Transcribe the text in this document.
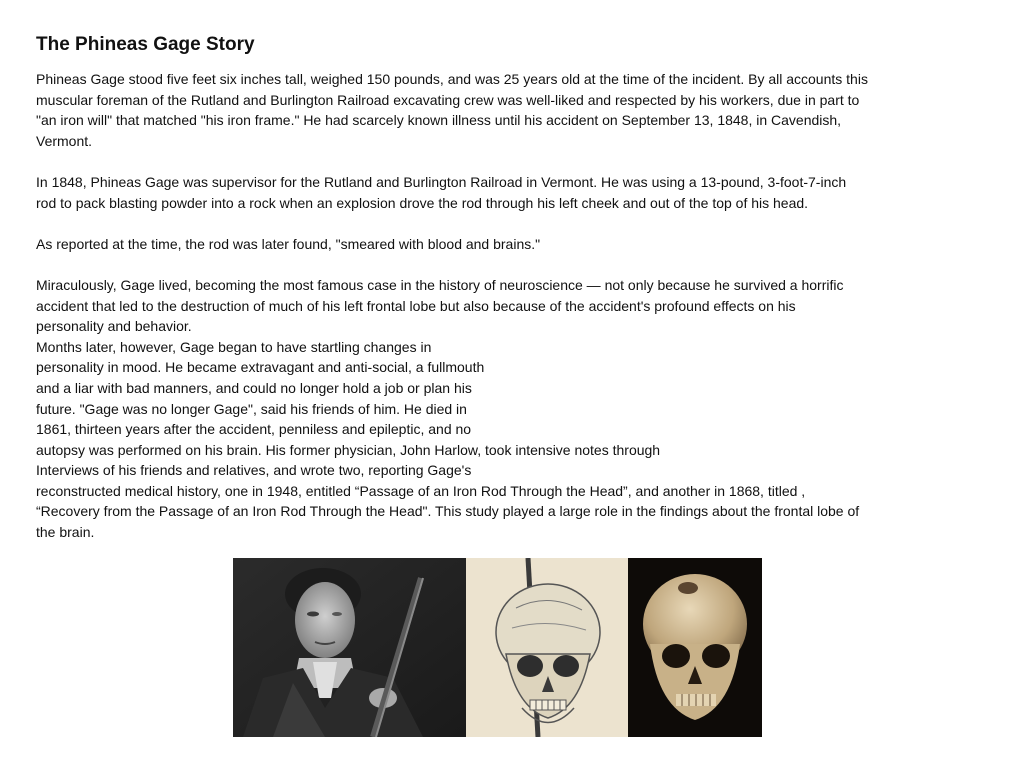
The Phineas Gage Story

Phineas Gage stood five feet six inches tall, weighed 150 pounds, and was 25 years old at the time of the incident. By all accounts this
muscular foreman of the Rutland and Burlington Railroad excavating crew was well-liked and respected by his workers, due in part to
"an iron will" that matched "his iron frame." He had scarcely known illness until his accident on September 13, 1848, in Cavendish,
Vermont.

In 1848, Phineas Gage was supervisor for the Rutland and Burlington Railroad in Vermont. He was using a 13-pound, 3-foot-7-inch
rod to pack blasting powder into a rock when an explosion drove the rod through his left cheek and out of the top of his head.

As reported at the time, the rod was later found, "smeared with blood and brains."

Miraculously, Gage lived, becoming the most famous case in the history of neuroscience — not only because he survived a horrific
accident that led to the destruction of much of his left frontal lobe but also because of the accident's profound effects on his
personality and behavior.
Months later, however, Gage began to have startling changes in
personality in mood. He became extravagant and anti-social, a fullmouth
and a liar with bad manners, and could no longer hold a job or plan his
future. "Gage was no longer Gage", said his friends of him. He died in
1861, thirteen years after the accident, penniless and epileptic, and no
autopsy was performed on his brain. His former physician, John Harlow, took intensive notes through
Interviews of his friends and relatives, and wrote two, reporting Gage's
reconstructed medical history, one in 1948, entitled “Passage of an Iron Rod Through the Head”, and another in 1868, titled ,
“Recovery from the Passage of an Iron Rod Through the Head". This study played a large role in the findings about the frontal lobe of
the brain.
